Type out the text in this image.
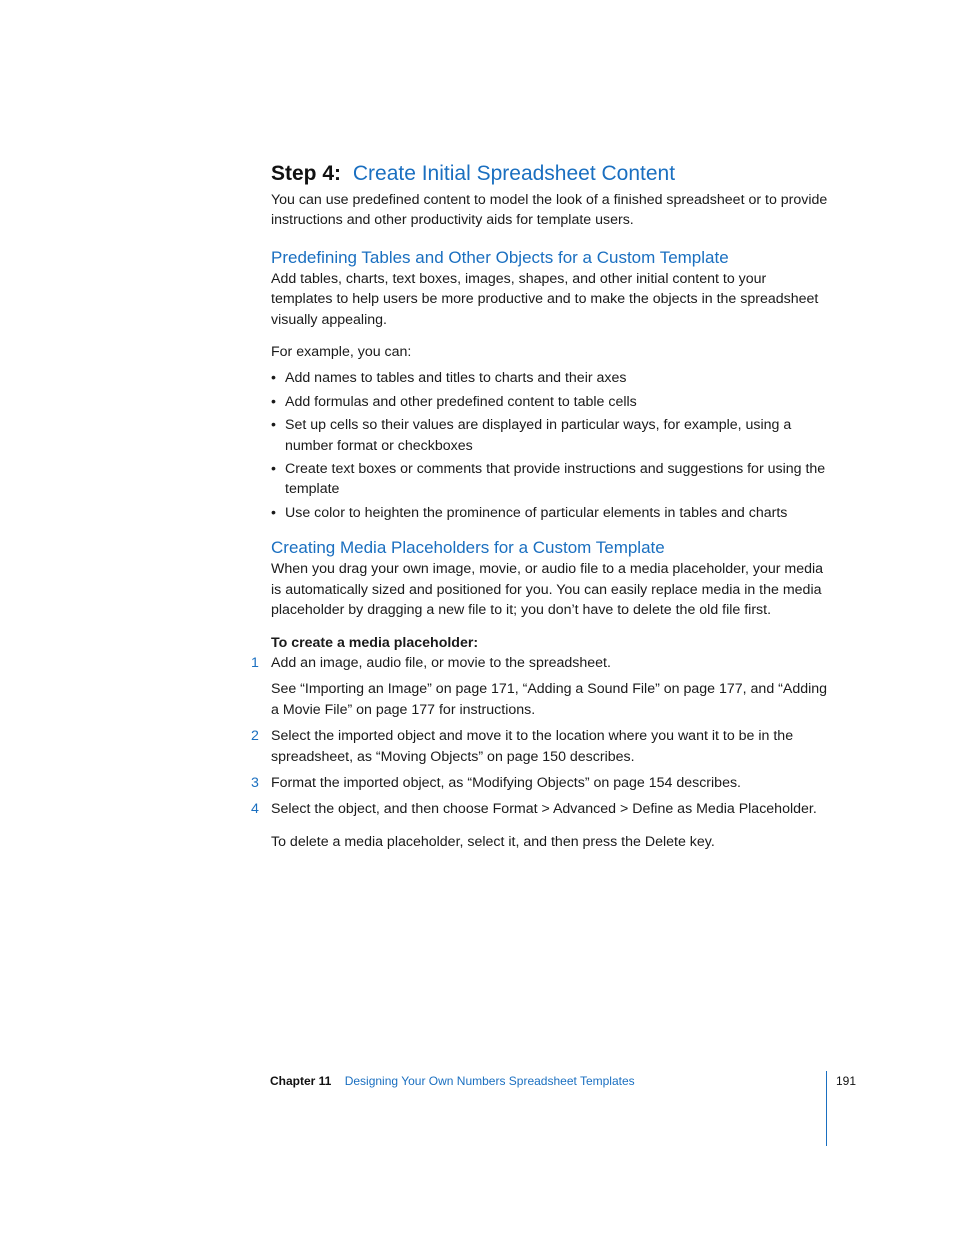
Step 4: Create Initial Spreadsheet Content

You can use predefined content to model the look of a finished spreadsheet or to provide instructions and other productivity aids for template users.

Predefining Tables and Other Objects for a Custom Template

Add tables, charts, text boxes, images, shapes, and other initial content to your templates to help users be more productive and to make the objects in the spreadsheet visually appealing.

For example, you can:

• Add names to tables and titles to charts and their axes
• Add formulas and other predefined content to table cells
• Set up cells so their values are displayed in particular ways, for example, using a number format or checkboxes
• Create text boxes or comments that provide instructions and suggestions for using the template
• Use color to heighten the prominence of particular elements in tables and charts
Creating Media Placeholders for a Custom Template

When you drag your own image, movie, or audio file to a media placeholder, your media is automatically sized and positioned for you. You can easily replace media in the media placeholder by dragging a new file to it; you don’t have to delete the old file first.

To create a media placeholder:

1 Add an image, audio file, or movie to the spreadsheet.
See “Importing an Image” on page 171, “Adding a Sound File” on page 177, and “Adding a Movie File” on page 177 for instructions.
2 Select the imported object and move it to the location where you want it to be in the spreadsheet, as “Moving Objects” on page 150 describes.
3 Format the imported object, as “Modifying Objects” on page 154 describes.
4 Select the object, and then choose Format > Advanced > Define as Media Placeholder.

To delete a media placeholder, select it, and then press the Delete key.

Chapter 11 Designing Your Own Numbers Spreadsheet Templates	191
